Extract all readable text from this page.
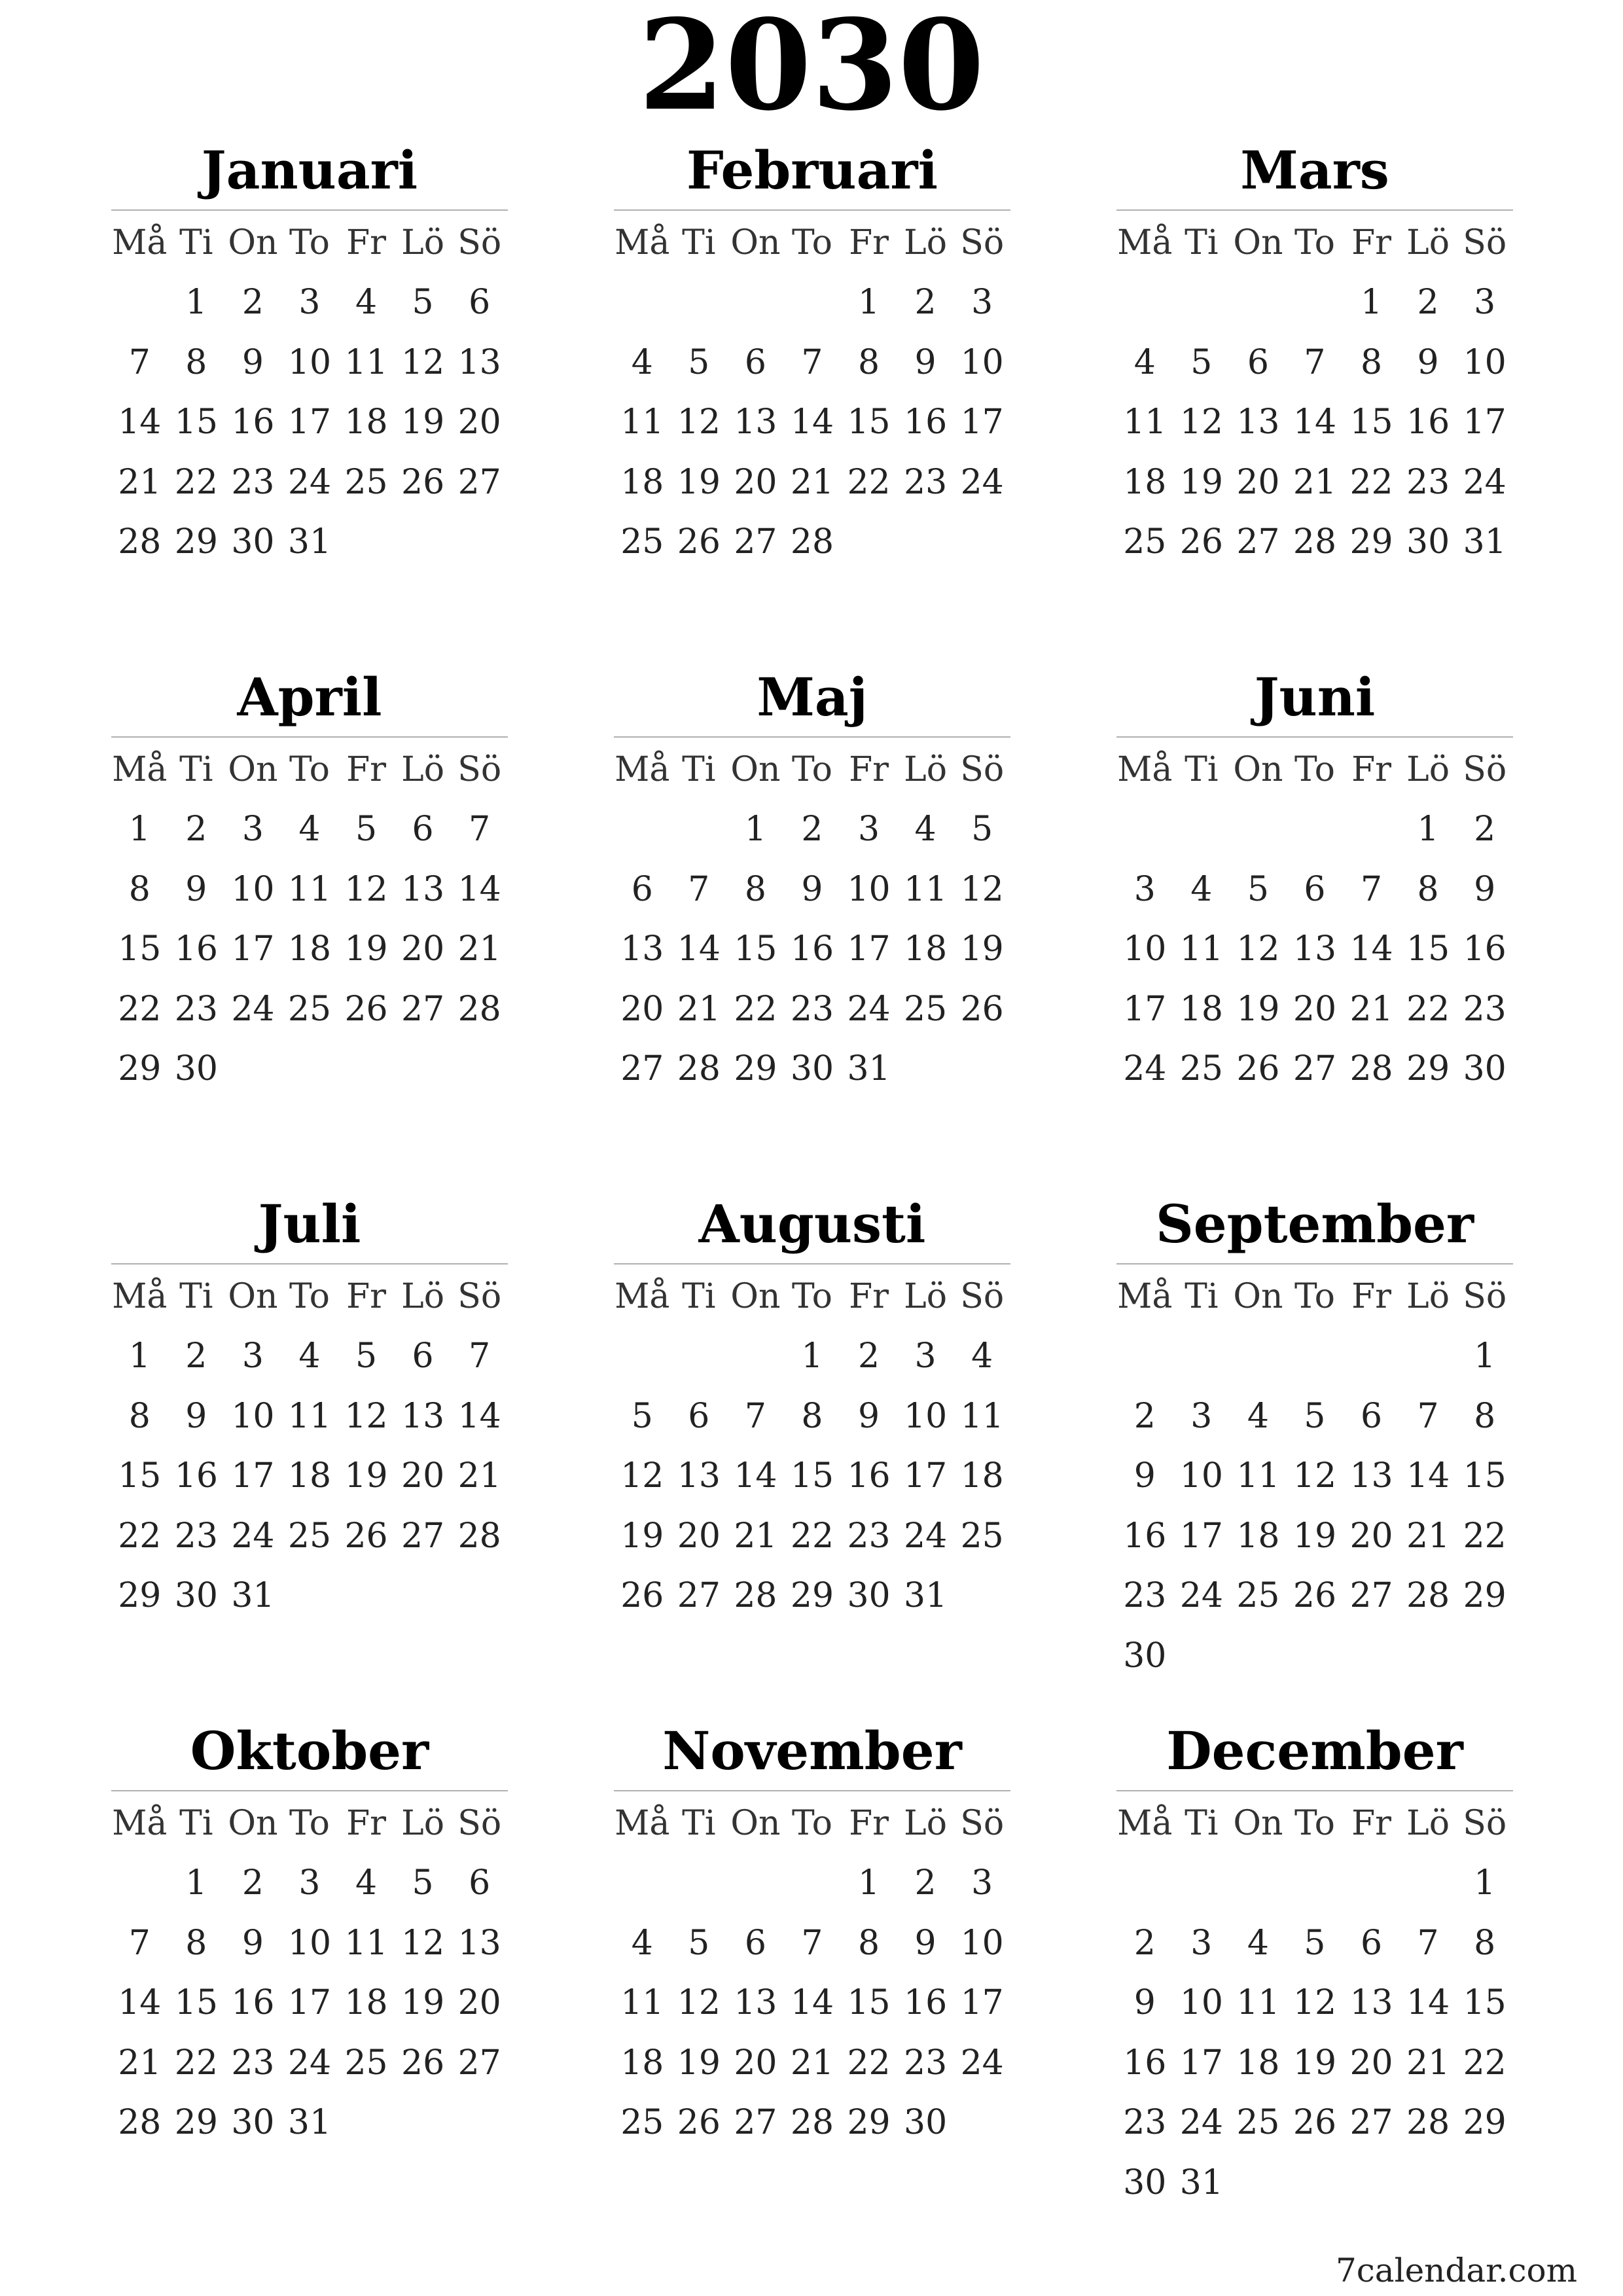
2030
Januari
Må	Ti	On	To	Fr	Lö	Sö
	1	2	3	4	5	6
7	8	9	10	11	12	13
14	15	16	17	18	19	20
21	22	23	24	25	26	27
28	29	30	31			
Februari
Må	Ti	On	To	Fr	Lö	Sö
				1	2	3
4	5	6	7	8	9	10
11	12	13	14	15	16	17
18	19	20	21	22	23	24
25	26	27	28			
Mars
Må	Ti	On	To	Fr	Lö	Sö
				1	2	3
4	5	6	7	8	9	10
11	12	13	14	15	16	17
18	19	20	21	22	23	24
25	26	27	28	29	30	31
April
Må	Ti	On	To	Fr	Lö	Sö
1	2	3	4	5	6	7
8	9	10	11	12	13	14
15	16	17	18	19	20	21
22	23	24	25	26	27	28
29	30					
Maj
Må	Ti	On	To	Fr	Lö	Sö
		1	2	3	4	5
6	7	8	9	10	11	12
13	14	15	16	17	18	19
20	21	22	23	24	25	26
27	28	29	30	31		
Juni
Må	Ti	On	To	Fr	Lö	Sö
					1	2
3	4	5	6	7	8	9
10	11	12	13	14	15	16
17	18	19	20	21	22	23
24	25	26	27	28	29	30
Juli
Må	Ti	On	To	Fr	Lö	Sö
1	2	3	4	5	6	7
8	9	10	11	12	13	14
15	16	17	18	19	20	21
22	23	24	25	26	27	28
29	30	31				
Augusti
Må	Ti	On	To	Fr	Lö	Sö
			1	2	3	4
5	6	7	8	9	10	11
12	13	14	15	16	17	18
19	20	21	22	23	24	25
26	27	28	29	30	31	
September
Må	Ti	On	To	Fr	Lö	Sö
						1
2	3	4	5	6	7	8
9	10	11	12	13	14	15
16	17	18	19	20	21	22
23	24	25	26	27	28	29
30						
Oktober
Må	Ti	On	To	Fr	Lö	Sö
	1	2	3	4	5	6
7	8	9	10	11	12	13
14	15	16	17	18	19	20
21	22	23	24	25	26	27
28	29	30	31			
November
Må	Ti	On	To	Fr	Lö	Sö
				1	2	3
4	5	6	7	8	9	10
11	12	13	14	15	16	17
18	19	20	21	22	23	24
25	26	27	28	29	30	
December
Må	Ti	On	To	Fr	Lö	Sö
						1
2	3	4	5	6	7	8
9	10	11	12	13	14	15
16	17	18	19	20	21	22
23	24	25	26	27	28	29
30	31					
7calendar.com
